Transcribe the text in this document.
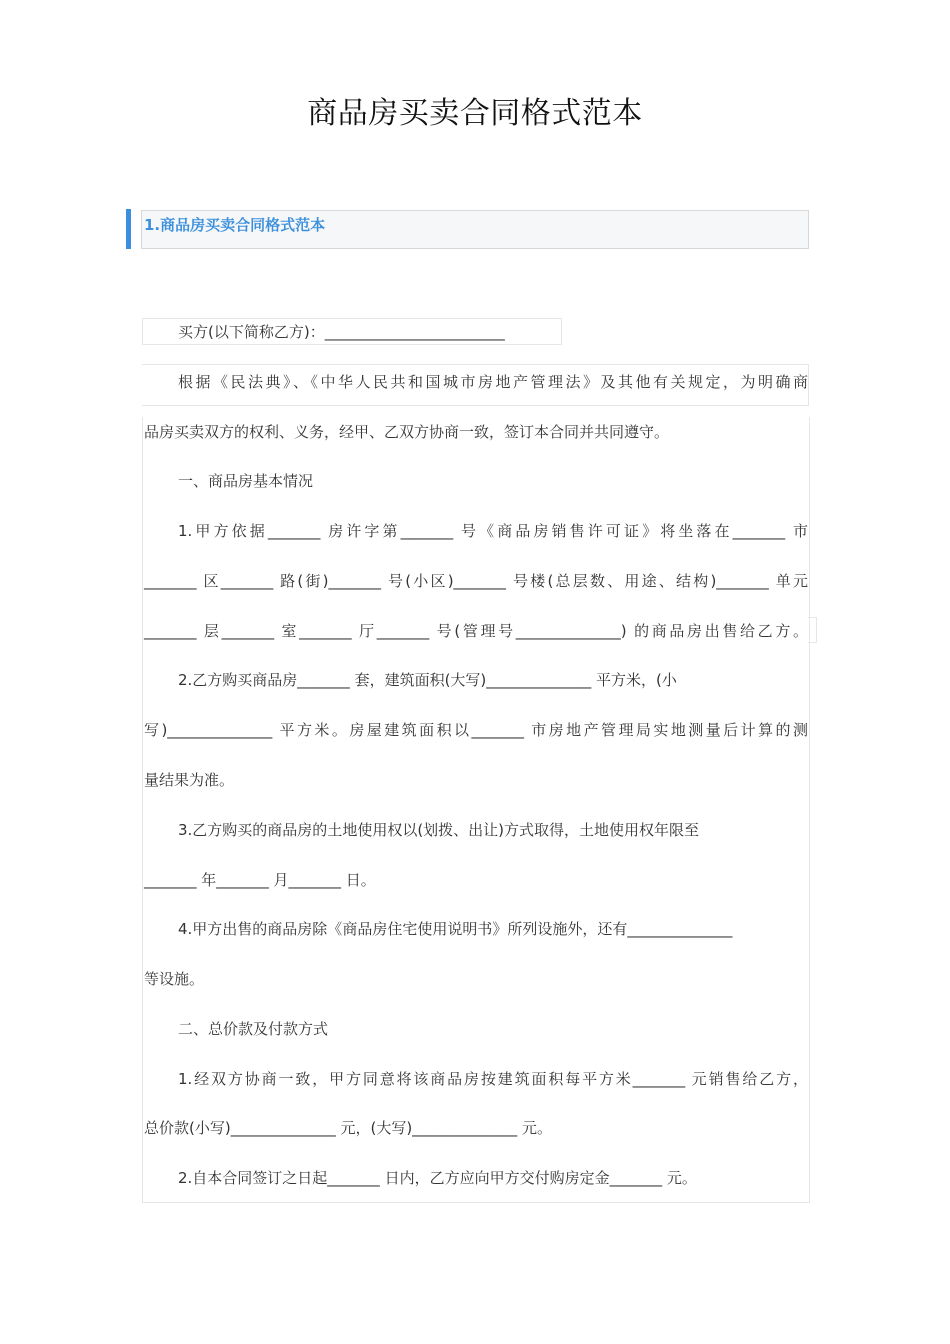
商品房买卖合同格式范本
1.商品房买卖合同格式范本
买方(以下简称乙方)：________________________
根据《民法典》、《中华人民共和国城市房地产管理法》及其他有关规定，为明确商
品房买卖双方的权利、义务，经甲、乙双方协商一致，签订本合同并共同遵守。
一、商品房基本情况
1.甲方依据_______ 房许字第_______ 号《商品房销售许可证》将坐落在_______ 市
_______ 区_______ 路(街)_______ 号(小区)_______ 号楼(总层数、用途、结构)_______ 单元
_______ 层_______ 室_______ 厅_______ 号(管理号______________) 的商品房出售给乙方。
2.乙方购买商品房_______ 套，建筑面积(大写)______________ 平方米，(小
写)______________ 平方米。房屋建筑面积以_______ 市房地产管理局实地测量后计算的测
量结果为准。
3.乙方购买的商品房的土地使用权以(划拨、出让)方式取得，土地使用权年限至
_______ 年_______ 月_______ 日。
4.甲方出售的商品房除《商品房住宅使用说明书》所列设施外，还有______________
等设施。
二、总价款及付款方式
1.经双方协商一致，甲方同意将该商品房按建筑面积每平方米_______ 元销售给乙方，
总价款(小写)______________ 元，(大写)______________ 元。
2.自本合同签订之日起_______ 日内，乙方应向甲方交付购房定金_______ 元。
